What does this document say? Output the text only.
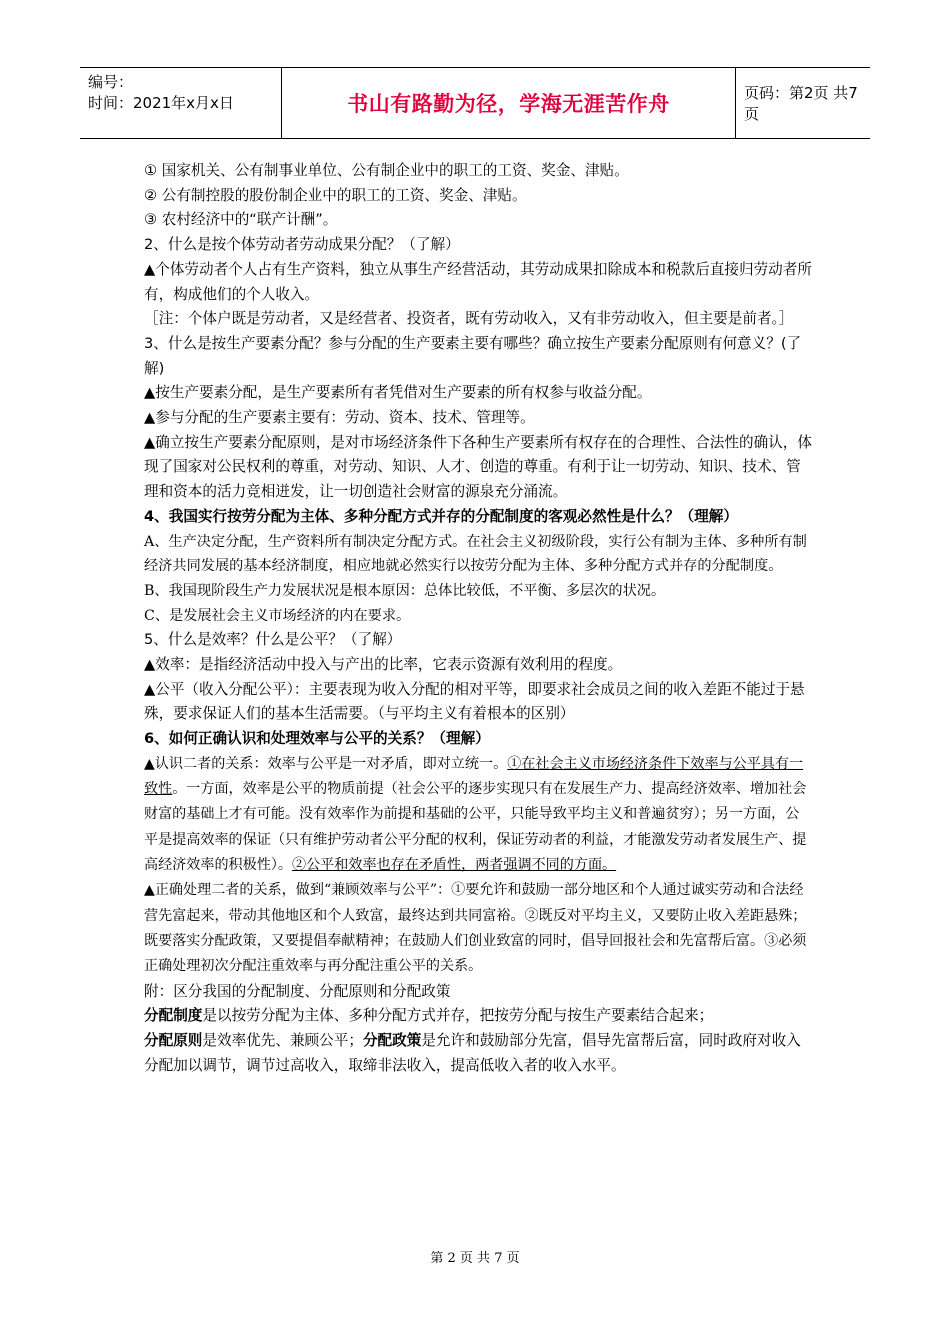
编号：
时间：2021年x月x日	书山有路勤为径，学海无涯苦作舟	页码：第2页 共7页

① 国家机关、公有制事业单位、公有制企业中的职工的工资、奖金、津贴。

② 公有制控股的股份制企业中的职工的工资、奖金、津贴。

③ 农村经济中的“联产计酬”。

2、什么是按个体劳动者劳动成果分配？（了解）

▲个体劳动者个人占有生产资料，独立从事生产经营活动，其劳动成果扣除成本和税款后直接归劳动者所有，构成他们的个人收入。

［注：个体户既是劳动者，又是经营者、投资者，既有劳动收入，又有非劳动收入，但主要是前者。］

3、什么是按生产要素分配？参与分配的生产要素主要有哪些？确立按生产要素分配原则有何意义？(了解)

▲按生产要素分配，是生产要素所有者凭借对生产要素的所有权参与收益分配。

▲参与分配的生产要素主要有：劳动、资本、技术、管理等。

▲确立按生产要素分配原则，是对市场经济条件下各种生产要素所有权存在的合理性、合法性的确认，体现了国家对公民权利的尊重，对劳动、知识、人才、创造的尊重。有利于让一切劳动、知识、技术、管理和资本的活力竞相迸发，让一切创造社会财富的源泉充分涌流。

4、我国实行按劳分配为主体、多种分配方式并存的分配制度的客观必然性是什么？（理解）

A、生产决定分配，生产资料所有制决定分配方式。在社会主义初级阶段，实行公有制为主体、多种所有制经济共同发展的基本经济制度，相应地就必然实行以按劳分配为主体、多种分配方式并存的分配制度。

B、我国现阶段生产力发展状况是根本原因：总体比较低，不平衡、多层次的状况。

C、是发展社会主义市场经济的内在要求。

5、什么是效率？什么是公平？（了解）

▲效率：是指经济活动中投入与产出的比率，它表示资源有效利用的程度。

▲公平（收入分配公平）：主要表现为收入分配的相对平等，即要求社会成员之间的收入差距不能过于悬殊，要求保证人们的基本生活需要。（与平均主义有着根本的区别）

6、如何正确认识和处理效率与公平的关系？（理解）

▲认识二者的关系：效率与公平是一对矛盾，即对立统一。①在社会主义市场经济条件下效率与公平具有一致性。一方面，效率是公平的物质前提（社会公平的逐步实现只有在发展生产力、提高经济效率、增加社会财富的基础上才有可能。没有效率作为前提和基础的公平，只能导致平均主义和普遍贫穷）；另一方面，公平是提高效率的保证（只有维护劳动者公平分配的权利，保证劳动者的利益，才能激发劳动者发展生产、提高经济效率的积极性）。②公平和效率也存在矛盾性，两者强调不同的方面。

▲正确处理二者的关系，做到“兼顾效率与公平”：①要允许和鼓励一部分地区和个人通过诚实劳动和合法经营先富起来，带动其他地区和个人致富，最终达到共同富裕。②既反对平均主义，又要防止收入差距悬殊；既要落实分配政策，又要提倡奉献精神；在鼓励人们创业致富的同时，倡导回报社会和先富帮后富。③必须正确处理初次分配注重效率与再分配注重公平的关系。

附：区分我国的分配制度、分配原则和分配政策

分配制度是以按劳分配为主体、多种分配方式并存，把按劳分配与按生产要素结合起来；

分配原则是效率优先、兼顾公平；分配政策是允许和鼓励部分先富，倡导先富帮后富，同时政府对收入分配加以调节，调节过高收入，取缔非法收入，提高低收入者的收入水平。

第 2 页 共 7 页
